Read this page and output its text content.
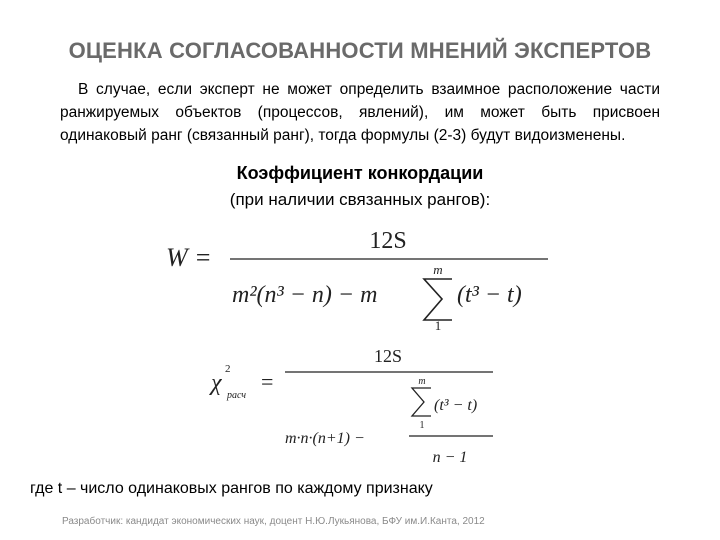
ОЦЕНКА СОГЛАСОВАННОСТИ МНЕНИЙ ЭКСПЕРТОВ
В случае, если эксперт не может определить взаимное расположение части ранжируемых объектов (процессов, явлений), им может быть присвоен одинаковый ранг (связанный ранг), тогда формулы (2-3) будут видоизменены.
Коэффициент конкордации
(при наличии связанных рангов):
W =
12S
m²(n³ − n) − m
m
1
(t³ − t)
χ
2
расч
=
12S
m
1
(t³ − t)
m·n·(n+1) −
n − 1
где t – число одинаковых рангов по каждому признаку
Разработчик: кандидат экономических наук, доцент Н.Ю.Лукьянова, БФУ им.И.Канта, 2012
